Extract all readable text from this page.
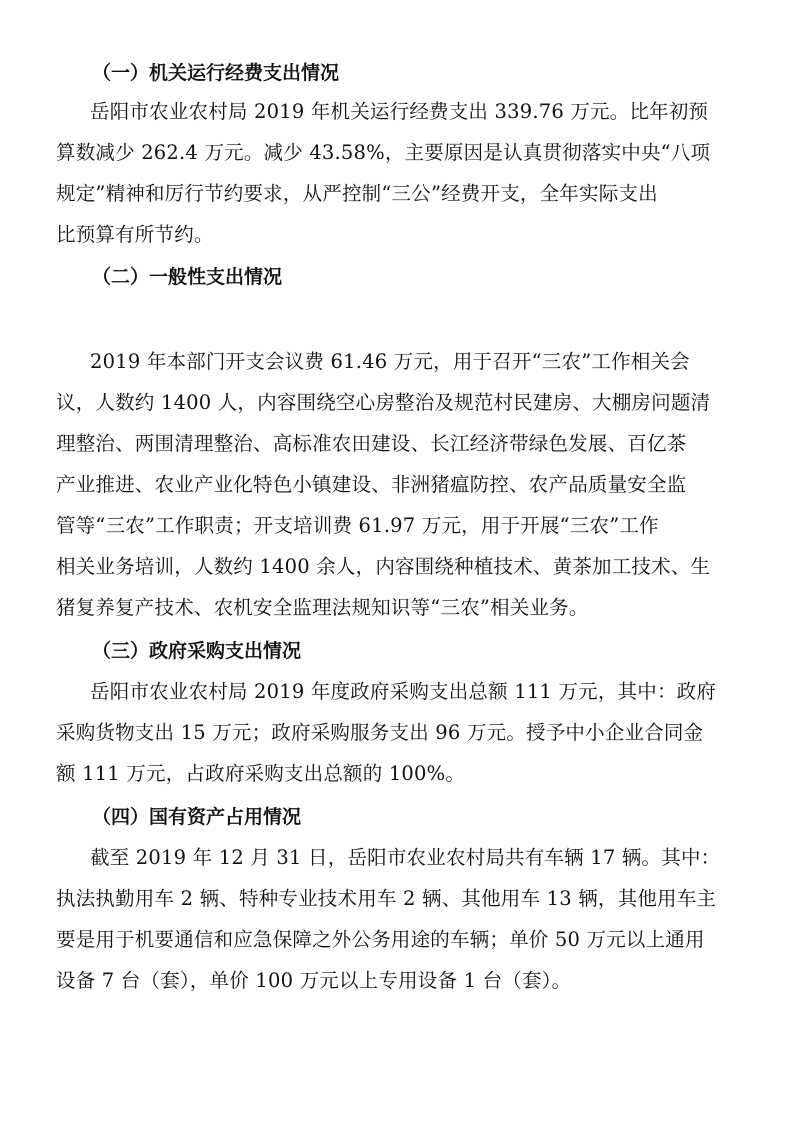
（一）机关运行经费支出情况
岳阳市农业农村局 2019 年机关运行经费支出 339.76 万元。比年初预
算数减少 262.4 万元。减少 43.58%，主要原因是认真贯彻落实中央“八项
规定”精神和厉行节约要求，从严控制“三公”经费开支，全年实际支出
比预算有所节约。
（二）一般性支出情况
2019 年本部门开支会议费 61.46 万元，用于召开“三农”工作相关会
议，人数约 1400 人，内容围绕空心房整治及规范村民建房、大棚房问题清
理整治、两围清理整治、高标准农田建设、长江经济带绿色发展、百亿茶
产业推进、农业产业化特色小镇建设、非洲猪瘟防控、农产品质量安全监
管等“三农”工作职责；开支培训费 61.97 万元，用于开展“三农”工作
相关业务培训，人数约 1400 余人，内容围绕种植技术、黄茶加工技术、生
猪复养复产技术、农机安全监理法规知识等“三农”相关业务。
（三）政府采购支出情况
岳阳市农业农村局 2019 年度政府采购支出总额 111 万元，其中：政府
采购货物支出 15 万元；政府采购服务支出 96 万元。授予中小企业合同金
额 111 万元，占政府采购支出总额的 100%。
（四）国有资产占用情况
截至 2019 年 12 月 31 日，岳阳市农业农村局共有车辆 17 辆。其中：
执法执勤用车 2 辆、特种专业技术用车 2 辆、其他用车 13 辆，其他用车主
要是用于机要通信和应急保障之外公务用途的车辆；单价 50 万元以上通用
设备 7 台（套），单价 100 万元以上专用设备 1 台（套）。
